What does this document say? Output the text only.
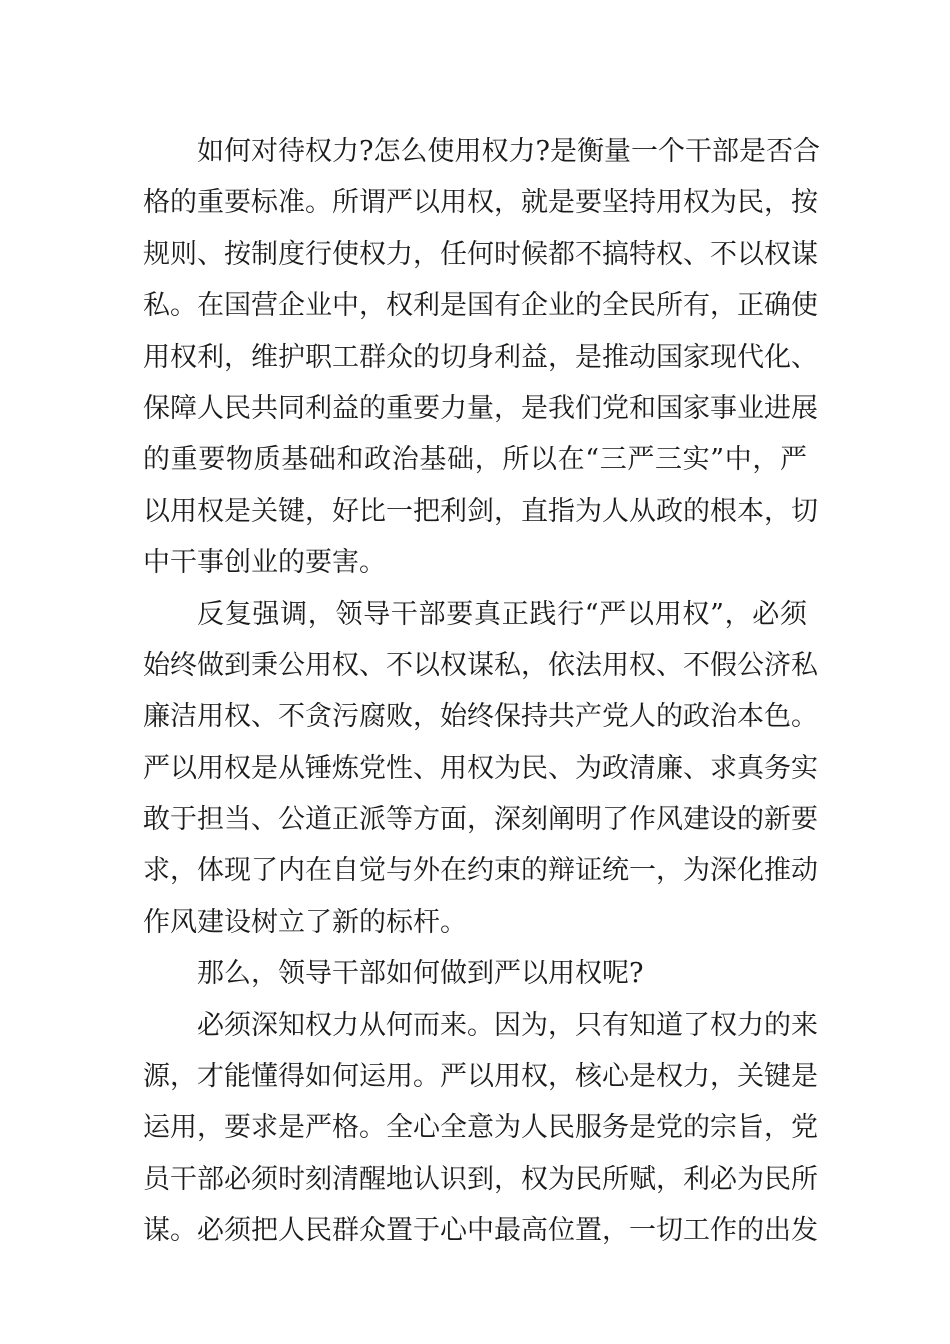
如何对待权力?怎么使用权力?是衡量一个干部是否合
格的重要标准。所谓严以用权，就是要坚持用权为民，按
规则、按制度行使权力，任何时候都不搞特权、不以权谋
私。在国营企业中，权利是国有企业的全民所有，正确使
用权利，维护职工群众的切身利益，是推动国家现代化、
保障人民共同利益的重要力量，是我们党和国家事业进展
的重要物质基础和政治基础，所以在“三严三实”中，严
以用权是关键，好比一把利剑，直指为人从政的根本，切
中干事创业的要害。

反复强调，领导干部要真正践行“严以用权”，必须
始终做到秉公用权、不以权谋私，依法用权、不假公济私
廉洁用权、不贪污腐败，始终保持共产党人的政治本色。
严以用权是从锤炼党性、用权为民、为政清廉、求真务实
敢于担当、公道正派等方面，深刻阐明了作风建设的新要
求，体现了内在自觉与外在约束的辩证统一，为深化推动
作风建设树立了新的标杆。

那么，领导干部如何做到严以用权呢?

必须深知权力从何而来。因为，只有知道了权力的来
源，才能懂得如何运用。严以用权，核心是权力，关键是
运用，要求是严格。全心全意为人民服务是党的宗旨，党
员干部必须时刻清醒地认识到，权为民所赋，利必为民所
谋。必须把人民群众置于心中最高位置，一切工作的出发
